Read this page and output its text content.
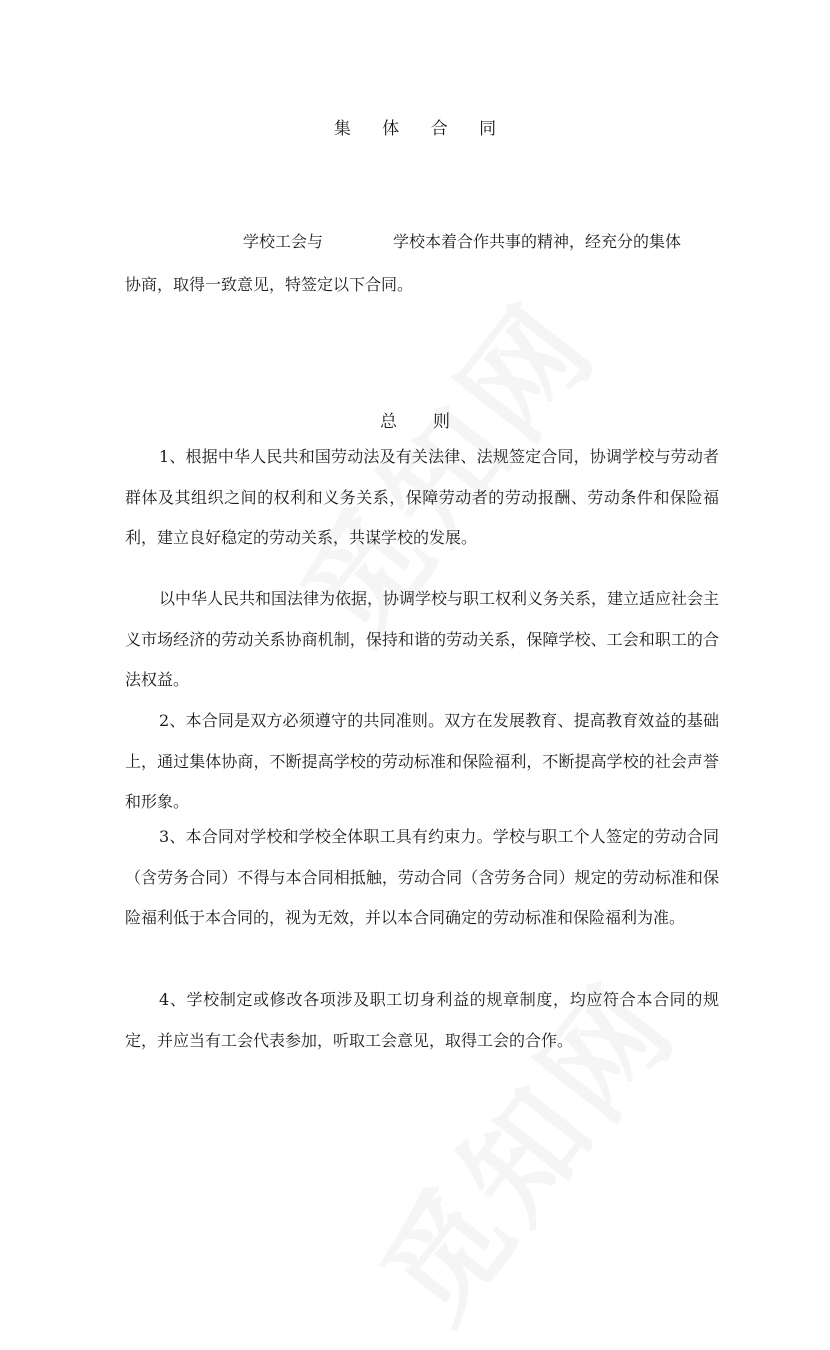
集 体 合 同
学校工会与	学校本着合作共事的精神，经充分的集体
协商，取得一致意见，特签定以下合同。
总 则

1、根据中华人民共和国劳动法及有关法律、法规签定合同，协调学校与劳动者群体及其组织之间的权利和义务关系，保障劳动者的劳动报酬、劳动条件和保险福利，建立良好稳定的劳动关系，共谋学校的发展。

以中华人民共和国法律为依据，协调学校与职工权利义务关系，建立适应社会主义市场经济的劳动关系协商机制，保持和谐的劳动关系，保障学校、工会和职工的合法权益。

2、本合同是双方必须遵守的共同准则。双方在发展教育、提高教育效益的基础上，通过集体协商，不断提高学校的劳动标准和保险福利，不断提高学校的社会声誉和形象。

3、本合同对学校和学校全体职工具有约束力。学校与职工个人签定的劳动合同（含劳务合同）不得与本合同相抵触，劳动合同（含劳务合同）规定的劳动标准和保险福利低于本合同的，视为无效，并以本合同确定的劳动标准和保险福利为准。

4、学校制定或修改各项涉及职工切身利益的规章制度，均应符合本合同的规定，并应当有工会代表参加，听取工会意见，取得工会的合作。
